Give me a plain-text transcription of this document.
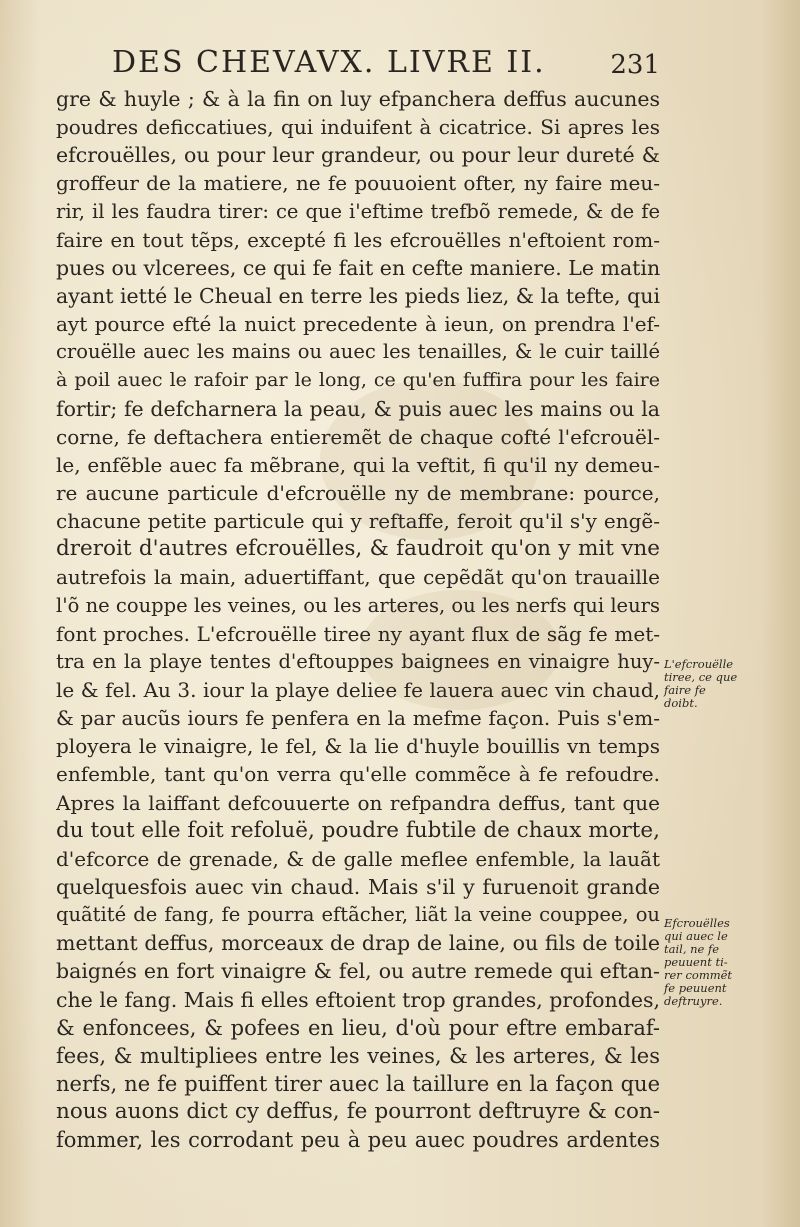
DES CHEVAVX. LIVRE II. 231
gre & huyle ; & à la fin on luy efpanchera deffus aucunes
poudres deficcatiues, qui induifent à cicatrice. Si apres les
efcrouëlles, ou pour leur grandeur, ou pour leur dureté &
groffeur de la matiere, ne fe pouuoient ofter, ny faire meu-
rir, il les faudra tirer: ce que i'eftime trefbõ remede, & de fe
faire en tout tẽps, excepté fi les efcrouëlles n'eftoient rom-
pues ou vlcerees, ce qui fe fait en cefte maniere. Le matin
ayant ietté le Cheual en terre les pieds liez, & la tefte, qui
ayt pource efté la nuict precedente à ieun, on prendra l'ef-
crouëlle auec les mains ou auec les tenailles, & le cuir taillé
à poil auec le rafoir par le long, ce qu'en fuffira pour les faire
fortir; fe defcharnera la peau, & puis auec les mains ou la
corne, fe deftachera entieremẽt de chaque cofté l'efcrouël-
le, enfẽble auec fa mẽbrane, qui la veftit, fi qu'il ny demeu-
re aucune particule d'efcrouëlle ny de membrane: pource,
chacune petite particule qui y reftaffe, feroit qu'il s'y engẽ-
dreroit d'autres efcrouëlles, & faudroit qu'on y mit vne
autrefois la main, aduertiffant, que cepẽdãt qu'on trauaille
l'õ ne couppe les veines, ou les arteres, ou les nerfs qui leurs
font proches. L'efcrouëlle tiree ny ayant flux de sãg fe met-
tra en la playe tentes d'eftouppes baignees en vinaigre huy-
le & fel. Au 3. iour la playe deliee fe lauera auec vin chaud,
& par aucũs iours fe penfera en la mefme façon. Puis s'em-
ployera le vinaigre, le fel, & la lie d'huyle bouillis vn temps
enfemble, tant qu'on verra qu'elle commẽce à fe refoudre.
Apres la laiffant defcouuerte on refpandra deffus, tant que
du tout elle foit refoluë, poudre fubtile de chaux morte,
d'efcorce de grenade, & de galle meflee enfemble, la lauãt
quelquesfois auec vin chaud. Mais s'il y furuenoit grande
quãtité de fang, fe pourra eftãcher, liãt la veine couppee, ou
mettant deffus, morceaux de drap de laine, ou fils de toile
baignés en fort vinaigre & fel, ou autre remede qui eftan-
che le fang. Mais fi elles eftoient trop grandes, profondes,
& enfoncees, & pofees en lieu, d'où pour eftre embaraf-
fees, & multipliees entre les veines, & les arteres, & les
nerfs, ne fe puiffent tirer auec la taillure en la façon que
nous auons dict cy deffus, fe pourront deftruyre & con-
fommer, les corrodant peu à peu auec poudres ardentes
L'efcrouëlle
tiree, ce que
faire fe
doibt.
Efcrouëlles
qui auec le
tail, ne fe
peuuent ti-
rer commẽt
fe peuuent
deftruyre.
